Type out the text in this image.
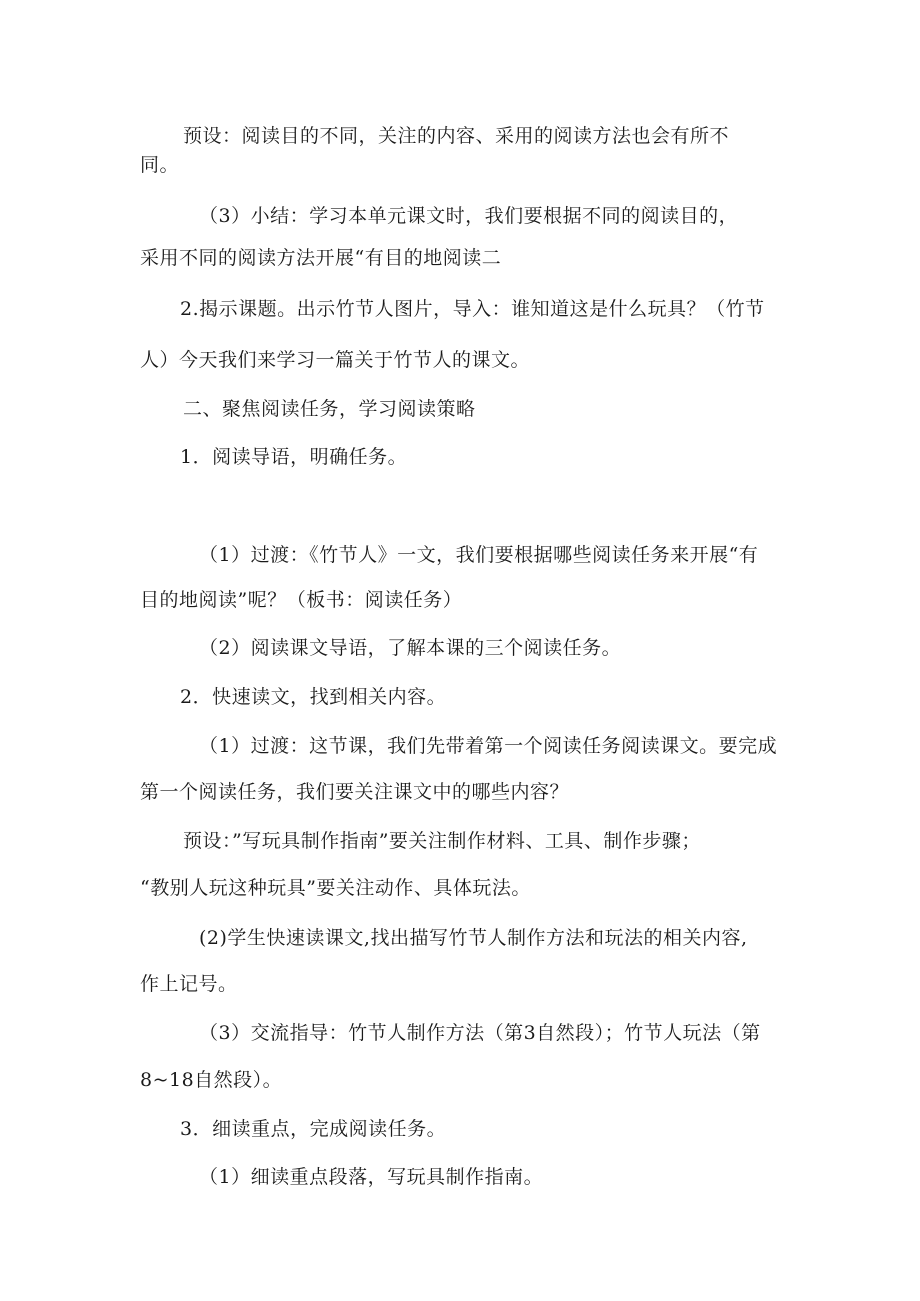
预设：阅读目的不同，关注的内容、采用的阅读方法也会有所不
同。
（3）小结：学习本单元课文时，我们要根据不同的阅读目的，
采用不同的阅读方法开展“有目的地阅读二
2.揭示课题。出示竹节人图片，导入：谁知道这是什么玩具？（竹节
人）今天我们来学习一篇关于竹节人的课文。
二、聚焦阅读任务，学习阅读策略
1．阅读导语，明确任务。
（1）过渡：《竹节人》一文，我们要根据哪些阅读任务来开展“有
目的地阅读”呢？（板书：阅读任务）
（2）阅读课文导语，了解本课的三个阅读任务。
2．快速读文，找到相关内容。
（1）过渡：这节课，我们先带着第一个阅读任务阅读课文。要完成
第一个阅读任务，我们要关注课文中的哪些内容？
预设：”写玩具制作指南”要关注制作材料、工具、制作步骤；
“教别人玩这种玩具”要关注动作、具体玩法。
(2)学生快速读课文,找出描写竹节人制作方法和玩法的相关内容,
作上记号。
（3）交流指导：竹节人制作方法（第3自然段）；竹节人玩法（第
8~18自然段）。
3．细读重点，完成阅读任务。
（1）细读重点段落，写玩具制作指南。
